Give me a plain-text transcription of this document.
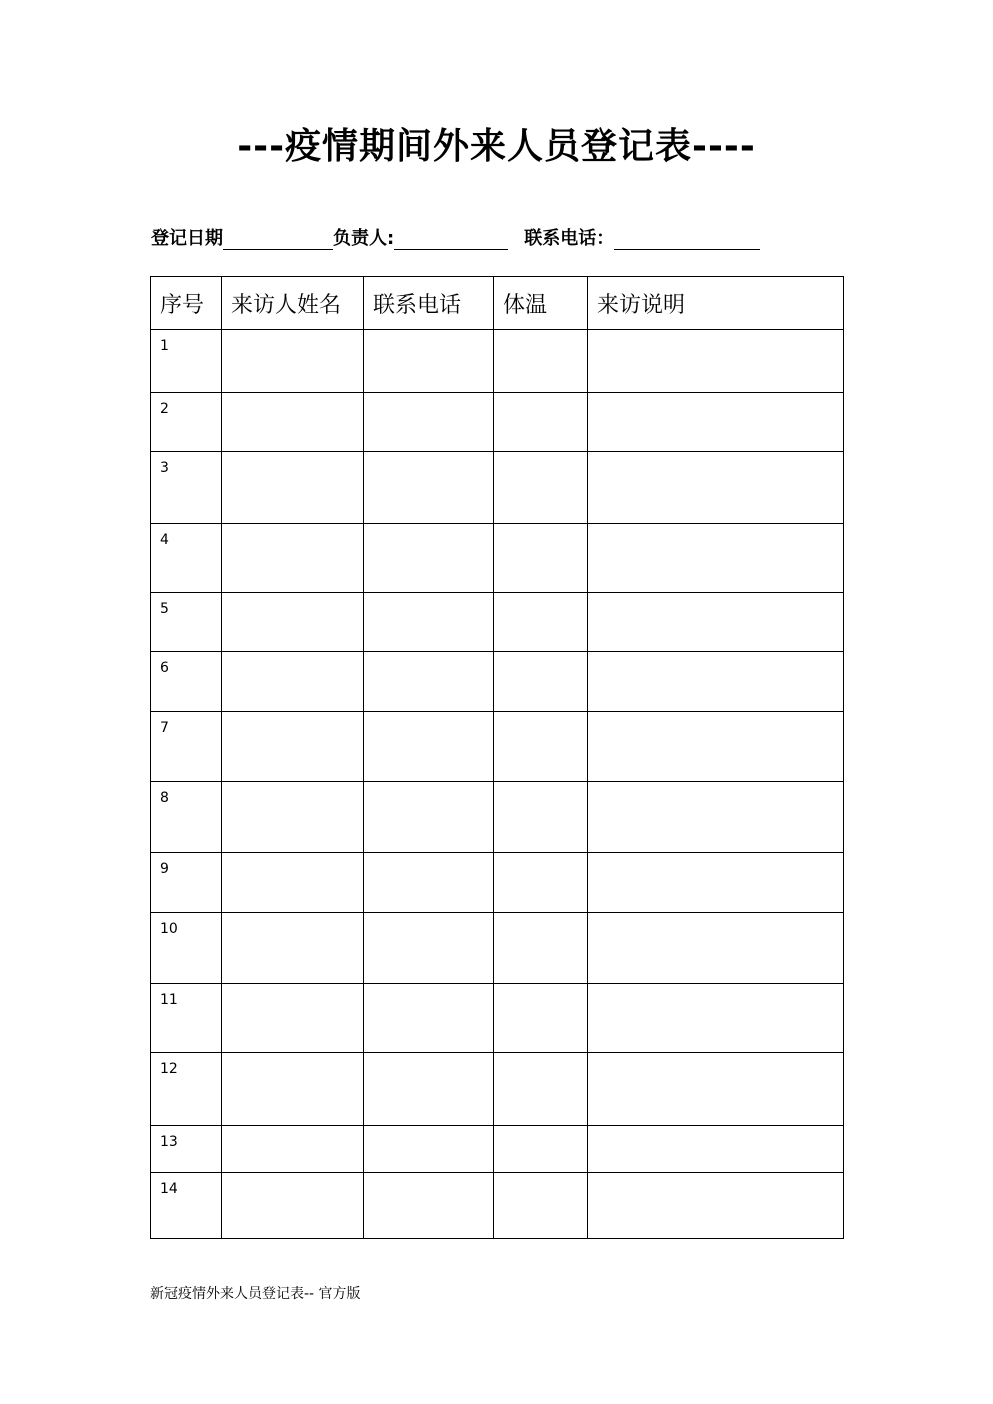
---疫情期间外来人员登记表----
登记日期	负责人:	联系电话：
序号	来访人姓名	联系电话	体温	来访说明
1				
2				
3				
4				
5				
6				
7				
8				
9				
10				
11				
12				
13				
14				
新冠疫情外来人员登记表-- 官方版
